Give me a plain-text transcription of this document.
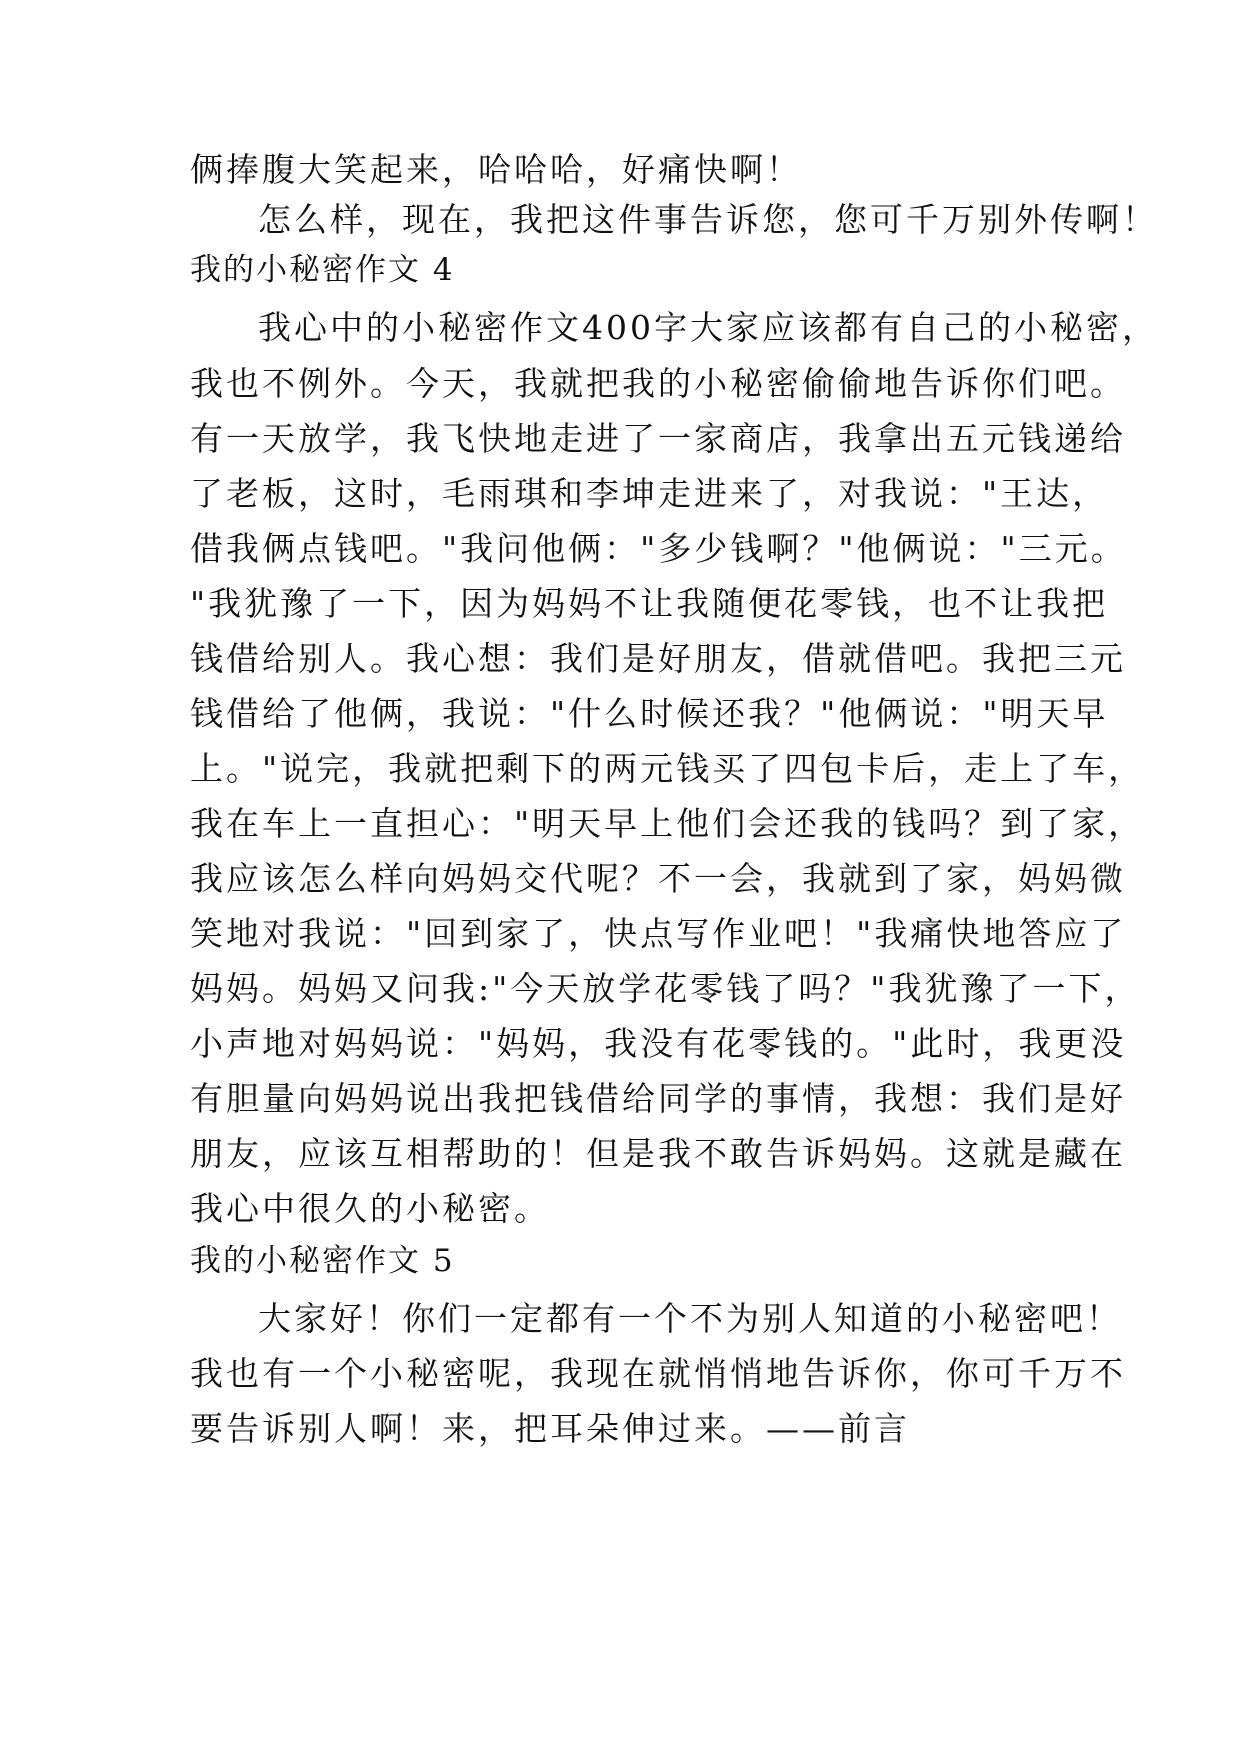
俩捧腹大笑起来，哈哈哈，好痛快啊！
怎么样，现在，我把这件事告诉您，您可千万别外传啊！
我的小秘密作文 4
我心中的小秘密作文400字大家应该都有自己的小秘密，
我也不例外。今天，我就把我的小秘密偷偷地告诉你们吧。
有一天放学，我飞快地走进了一家商店，我拿出五元钱递给
了老板，这时，毛雨琪和李坤走进来了，对我说："王达，
借我俩点钱吧。"我问他俩："多少钱啊？"他俩说："三元。
"我犹豫了一下，因为妈妈不让我随便花零钱，也不让我把
钱借给别人。我心想：我们是好朋友，借就借吧。我把三元
钱借给了他俩，我说："什么时候还我？"他俩说："明天早
上。"说完，我就把剩下的两元钱买了四包卡后，走上了车，
我在车上一直担心："明天早上他们会还我的钱吗？到了家，
我应该怎么样向妈妈交代呢？不一会，我就到了家，妈妈微
笑地对我说："回到家了，快点写作业吧！"我痛快地答应了
妈妈。妈妈又问我:"今天放学花零钱了吗？"我犹豫了一下，
小声地对妈妈说："妈妈，我没有花零钱的。"此时，我更没
有胆量向妈妈说出我把钱借给同学的事情，我想：我们是好
朋友，应该互相帮助的！但是我不敢告诉妈妈。这就是藏在
我心中很久的小秘密。
我的小秘密作文 5
大家好！你们一定都有一个不为别人知道的小秘密吧！
我也有一个小秘密呢，我现在就悄悄地告诉你，你可千万不
要告诉别人啊！来，把耳朵伸过来。——前言
